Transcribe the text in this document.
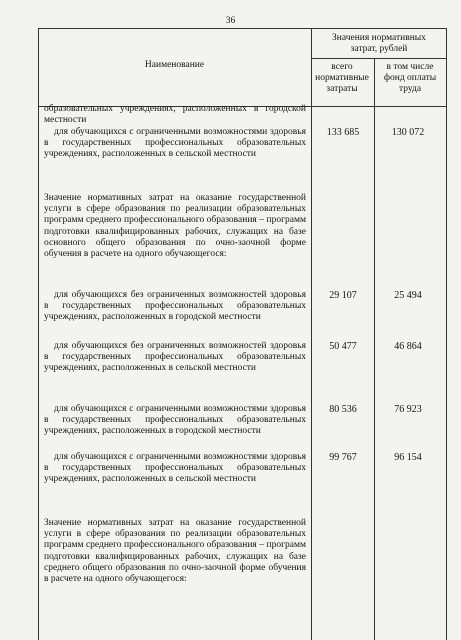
36
Наименование
Значения нормативных затрат, рублей
всего нормативные затраты
в том числе фонд оплаты труда
образовательных учреждениях, расположенных в городской местности
для обучающихся с ограниченными возможностями здоровья в государственных профессиональных образовательных учреждениях, расположенных в сельской местности
133 685	130 072
Значение нормативных затрат на оказание государственной услуги в сфере образования по реализации образовательных программ среднего профессионального образования – программ подготовки квалифицированных рабочих, служащих на базе основного общего образования по очно-заочной форме обучения в расчете на одного обучающегося:
для обучающихся без ограниченных возможностей здоровья в государственных профессиональных образовательных учреждениях, расположенных в городской местности
29 107	25 494
для обучающихся без ограниченных возможностей здоровья в государственных профессиональных образовательных учреждениях, расположенных в сельской местности
50 477	46 864
для обучающихся с ограниченными возможностями здоровья в государственных профессиональных образовательных учреждениях, расположенных в городской местности
80 536	76 923
для обучающихся с ограниченными возможностями здоровья в государственных профессиональных образовательных учреждениях, расположенных в сельской местности
99 767	96 154
Значение нормативных затрат на оказание государственной услуги в сфере образования по реализации образовательных программ среднего профессионального образования – программ подготовки квалифицированных рабочих, служащих на базе среднего общего образования по очно-заочной форме обучения в расчете на одного обучающегося:
